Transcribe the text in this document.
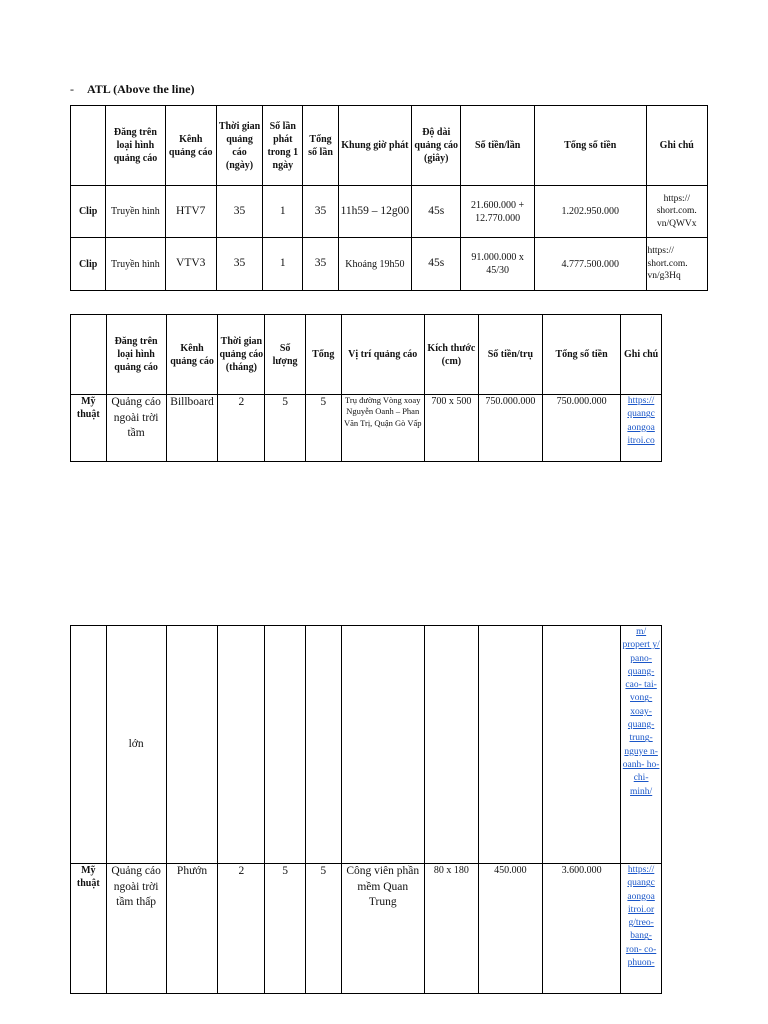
- ATL (Above the line)
	Đăng trên loại hình quảng cáo	Kênh quảng cáo	Thời gian quảng cáo (ngày)	Số lần phát trong 1 ngày	Tổng số lần	Khung giờ phát	Độ dài quảng cáo (giây)	Số tiền/lần	Tổng số tiền	Ghi chú
Clip	Truyền hình	HTV7	35	1	35	11h59 – 12g00	45s	21.600.000 + 12.770.000	1.202.950.000	https:// short.com. vn/QWVx
Clip	Truyền hình	VTV3	35	1	35	Khoảng 19h50	45s	91.000.000 x 45/30	4.777.500.000	https:// short.com. vn/g3Hq
	Đăng trên loại hình quảng cáo	Kênh quảng cáo	Thời gian quảng cáo (tháng)	Số lượng	Tổng	Vị trí quảng cáo	Kích thước (cm)	Số tiền/trụ	Tổng số tiền	Ghi chú
Mỹ thuật	Quảng cáo ngoài trời tầm	Billboard	2	5	5	Trụ đường Vòng xoay Nguyễn Oanh – Phan Văn Trị, Quận Gò Vấp	700 x 500	750.000.000	750.000.000	https:// quangc aongoa itroi.co
	lớn									m/ propert y/ pano- quang- cao- tai- vong- xoay- quang- trung- nguye n- oanh- ho-chi- minh/
Mỹ thuật	Quảng cáo ngoài trời tầm thấp	Phướn	2	5	5	Công viên phần mềm Quan Trung	80 x 180	450.000	3.600.000	https:// quangc aongoa itroi.or g/treo- bang- ron- co- phuon-
